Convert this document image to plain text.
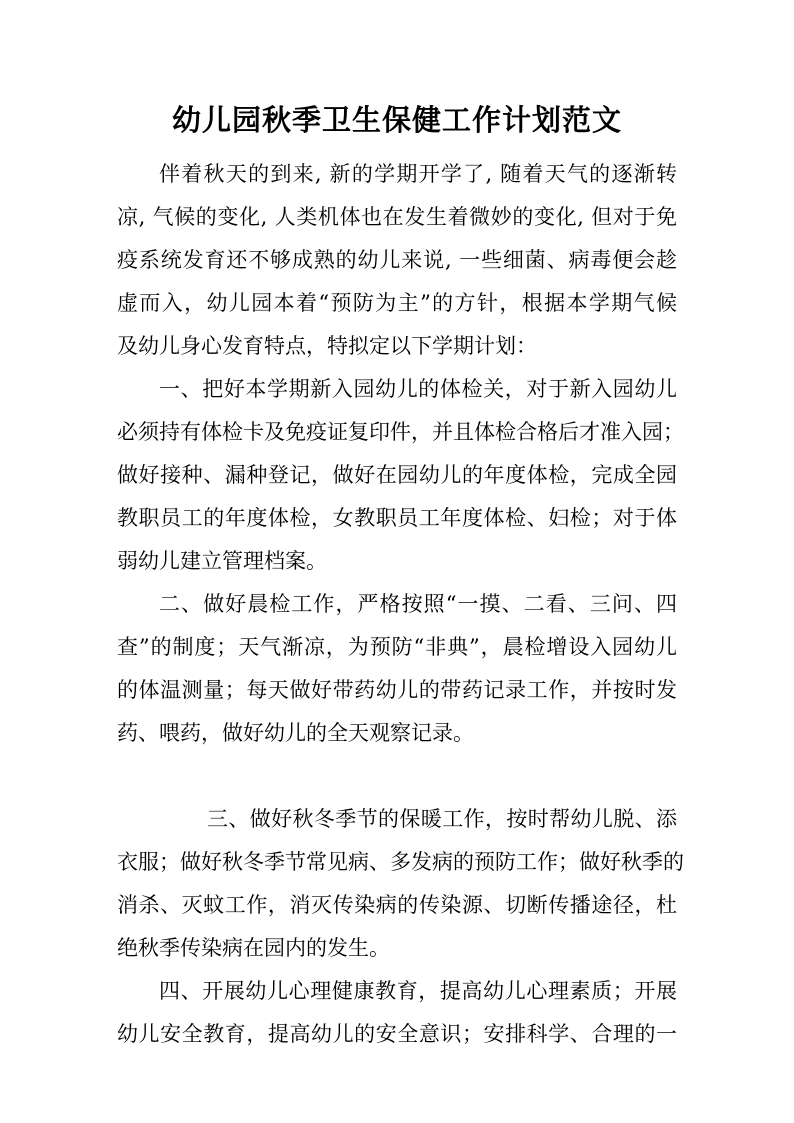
幼儿园秋季卫生保健工作计划范文
伴着秋天的到来, 新的学期开学了, 随着天气的逐渐转
凉, 气候的变化, 人类机体也在发生着微妙的变化, 但对于免
疫系统发育还不够成熟的幼儿来说, 一些细菌、病毒便会趁
虚而入，幼儿园本着“预防为主”的方针，根据本学期气候
及幼儿身心发育特点，特拟定以下学期计划：
一、把好本学期新入园幼儿的体检关，对于新入园幼儿
必须持有体检卡及免疫证复印件，并且体检合格后才准入园；
做好接种、漏种登记，做好在园幼儿的年度体检，完成全园
教职员工的年度体检，女教职员工年度体检、妇检；对于体
弱幼儿建立管理档案。
二、做好晨检工作，严格按照“一摸、二看、三问、四
查”的制度；天气渐凉，为预防“非典”，晨检增设入园幼儿
的体温测量；每天做好带药幼儿的带药记录工作，并按时发
药、喂药，做好幼儿的全天观察记录。
三、做好秋冬季节的保暖工作，按时帮幼儿脱、添
衣服；做好秋冬季节常见病、多发病的预防工作；做好秋季的
消杀、灭蚊工作，消灭传染病的传染源、切断传播途径，杜
绝秋季传染病在园内的发生。
四、开展幼儿心理健康教育，提高幼儿心理素质；开展
幼儿安全教育，提高幼儿的安全意识；安排科学、合理的一
